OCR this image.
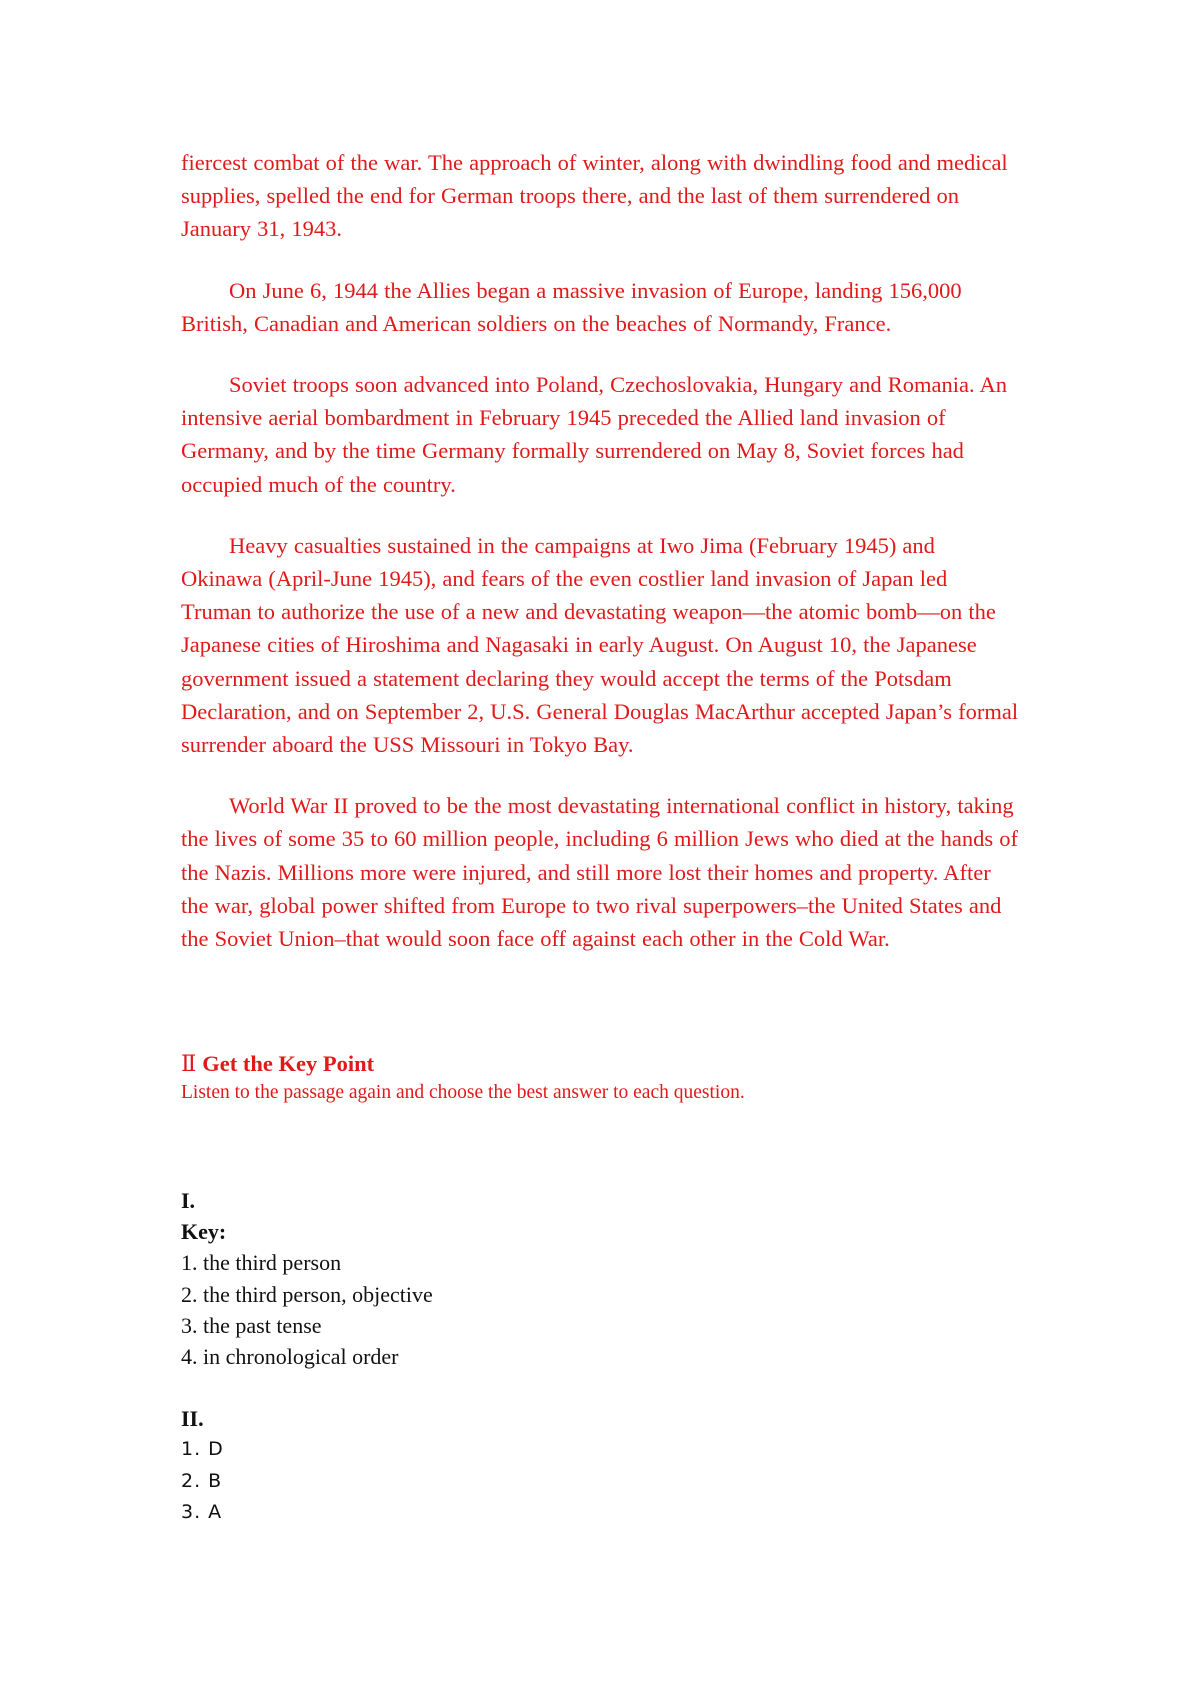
fiercest combat of the war. The approach of winter, along with dwindling food and medical supplies, spelled the end for German troops there, and the last of them surrendered on January 31, 1943.

On June 6, 1944 the Allies began a massive invasion of Europe, landing 156,000 British, Canadian and American soldiers on the beaches of Normandy, France.

Soviet troops soon advanced into Poland, Czechoslovakia, Hungary and Romania. An intensive aerial bombardment in February 1945 preceded the Allied land invasion of Germany, and by the time Germany formally surrendered on May 8, Soviet forces had occupied much of the country.

Heavy casualties sustained in the campaigns at Iwo Jima (February 1945) and Okinawa (April-June 1945), and fears of the even costlier land invasion of Japan led Truman to authorize the use of a new and devastating weapon—the atomic bomb—on the Japanese cities of Hiroshima and Nagasaki in early August. On August 10, the Japanese government issued a statement declaring they would accept the terms of the Potsdam Declaration, and on September 2, U.S. General Douglas MacArthur accepted Japan’s formal surrender aboard the USS Missouri in Tokyo Bay.

World War II proved to be the most devastating international conflict in history, taking the lives of some 35 to 60 million people, including 6 million Jews who died at the hands of the Nazis. Millions more were injured, and still more lost their homes and property. After the war, global power shifted from Europe to two rival superpowers–the United States and the Soviet Union–that would soon face off against each other in the Cold War.

Ⅱ Get the Key Point

Listen to the passage again and choose the best answer to each question.

I.

Key:

1. the third person

2. the third person, objective

3. the past tense

4. in chronological order

II.

1. D

2. B

3. A
